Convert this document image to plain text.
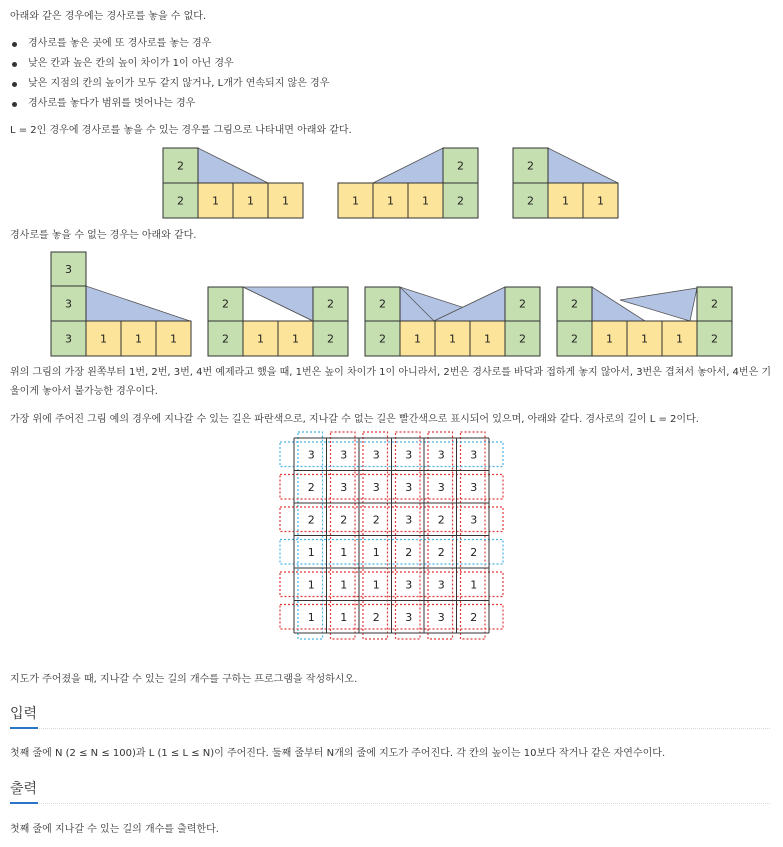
아래와 같은 경우에는 경사로를 놓을 수 없다.
경사로를 놓은 곳에 또 경사로를 놓는 경우
낮은 칸과 높은 칸의 높이 차이가 1이 아닌 경우
낮은 지점의 칸의 높이가 모두 같지 않거나, L개가 연속되지 않은 경우
경사로를 놓다가 범위를 벗어나는 경우
L = 2인 경우에 경사로를 놓을 수 있는 경우를 그림으로 나타내면 아래와 같다.
2
2	1	1	1
2
1	1	1	2
2
2	1	1
경사로를 놓을 수 없는 경우는 아래와 같다.
3
3
3	1	1	1
2	2
2	1	1	2
2	2
2	1	1	1	2
2	2
2	1	1	1	2
위의 그림의 가장 왼쪽부터 1번, 2번, 3번, 4번 예제라고 했을 때, 1번은 높이 차이가 1이 아니라서, 2번은 경사로를 바닥과 접하게 놓지 않아서, 3번은 겹쳐서 놓아서, 4번은 기울이게 놓아서 불가능한 경우이다.
가장 위에 주어진 그림 예의 경우에 지나갈 수 있는 길은 파란색으로, 지나갈 수 없는 길은 빨간색으로 표시되어 있으며, 아래와 같다. 경사로의 길이 L = 2이다.
3 3 3 3 3 3
2 3 3 3 3 3
2 2 2 3 2 3
1 1 1 2 2 2
1 1 1 3 3 1
1 1 2 3 3 2
지도가 주어졌을 때, 지나갈 수 있는 길의 개수를 구하는 프로그램을 작성하시오.
입력
첫째 줄에 N (2 ≤ N ≤ 100)과 L (1 ≤ L ≤ N)이 주어진다. 둘째 줄부터 N개의 줄에 지도가 주어진다. 각 칸의 높이는 10보다 작거나 같은 자연수이다.
출력
첫째 줄에 지나갈 수 있는 길의 개수를 출력한다.
